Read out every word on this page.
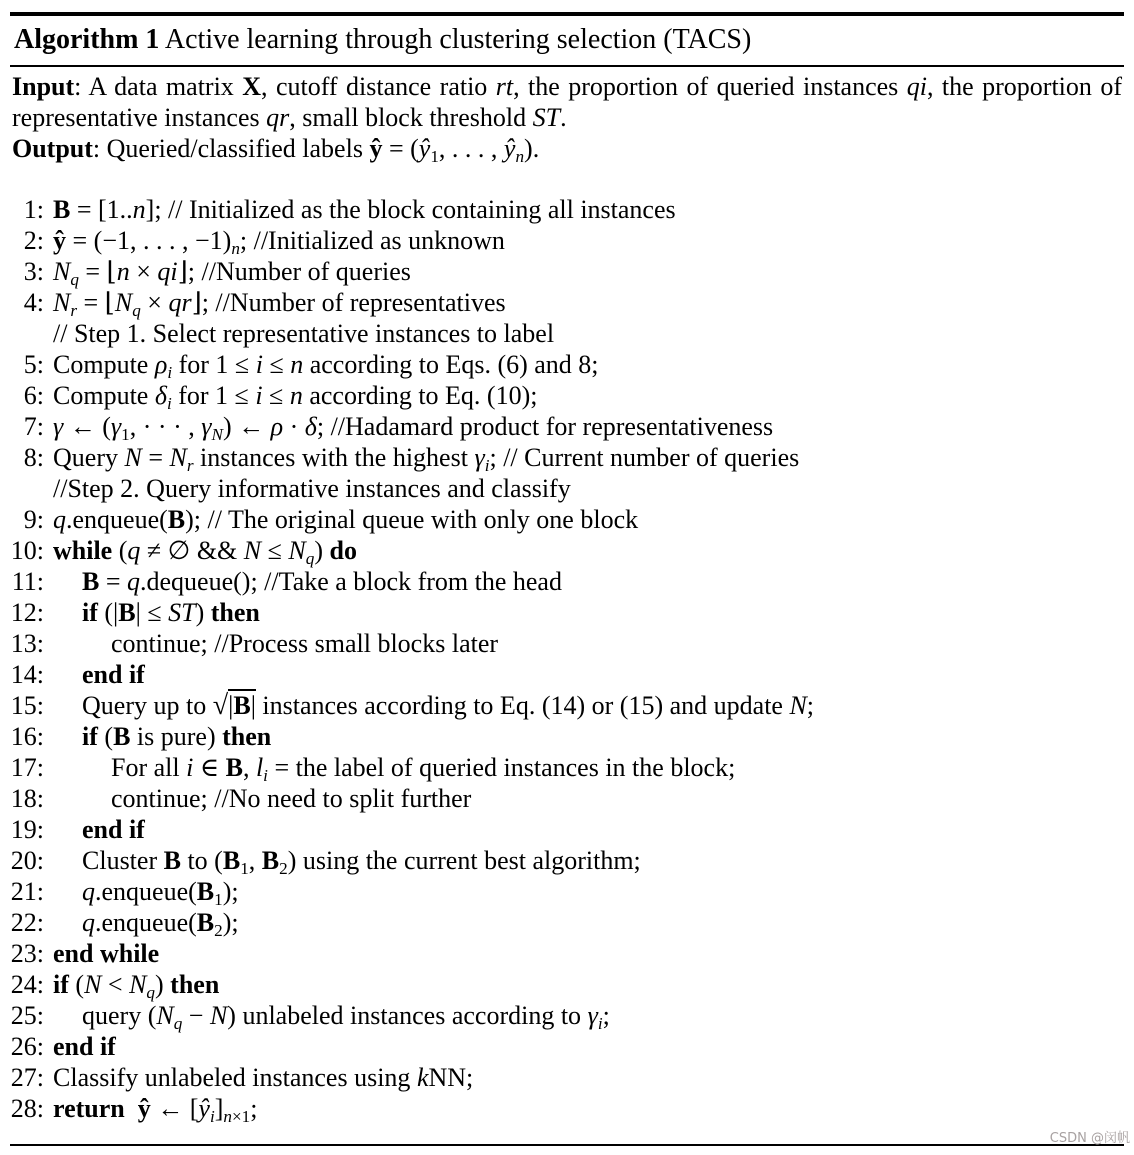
Algorithm 1 Active learning through clustering selection (TACS)

Input: A data matrix X, cutoff distance ratio rt, the proportion of queried instances qi, the proportion of representative instances qr, small block threshold ST.

Output: Queried/classified labels ŷ = ($ŷ_1$, . . . , $ŷ_n$).

1: B = [1..n]; // Initialized as the block containing all instances
2: ŷ = (−1, . . . , $-1)_n$; //Initialized as unknown
3: $N_q$ = ⌊n × qi⌋; //Number of queries
4: $N_r$ = $⌊N_q$ × qr⌋; //Number of representatives
// Step 1. Select representative instances to label
5: Compute $\rho_i$ for 1 ≤ i ≤ n according to Eqs. (6) and 8;
6: Compute $\delta_i$ for 1 ≤ i ≤ n according to Eq. (10);
7: γ ← ($\gamma_1$, · · · , $\gamma_N$) ← ρ · δ; //Hadamard product for representativeness
8: Query $N = N_r$ instances with the highest $\gamma_i$; // Current number of queries
//Step 2. Query informative instances and classify
9: q.enqueue(B); // The original queue with only one block
10: while (q ≠ ∅ && $N \le N_q$) do
11:	B = q.dequeue(); //Take a block from the head
12:	if (|B| ≤ ST) then
13:	continue; //Process small blocks later
14:	end if
15:	Query up to √|B| instances according to Eq. (14) or (15) and update N;
16:	if (B is pure) then
17:	For all i ∈ B, $l_i$ = the label of queried instances in the block;
18:	continue; //No need to split further
19:	end if
20:	Cluster B to ($B_1$, $B_2$) using the current best algorithm;
21:	$q.enqueue(B_1)$;
22:	$q.enqueue(B_2)$;
23: end while
24: if $(N < N_q)$ then
25:	query $(N_q - N)$ unlabeled instances according to $\gamma_i$;
26: end if
27: Classify unlabeled instances using kNN;
28: return  ŷ ← $[ŷ_i]_{n\times 1}$;
CSDN @闵帆
